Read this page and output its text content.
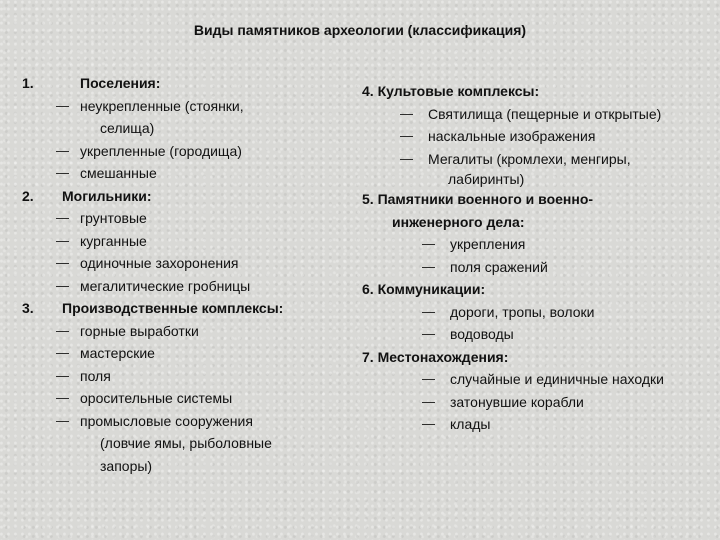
Виды памятников археологии (классификация)
1.	Поселения:
— неукрепленные (стоянки,
селища)
— укрепленные (городища)
— смешанные
2. Могильники:
— грунтовые
— курганные
— одиночные захоронения
— мегалитические гробницы
3. Производственные комплексы:
— горные выработки
— мастерские
— поля
— оросительные системы
— промысловые сооружения
(ловчие ямы, рыболовные
запоры)
4. Культовые комплексы:
— Святилища (пещерные и открытые)
— наскальные изображения
— Мегалиты (кромлехи, менгиры,
лабиринты)
5. Памятники военного и военно-
инженерного дела:
— укрепления
— поля сражений
6. Коммуникации:
— дороги, тропы, волоки
— водоводы
7. Местонахождения:
— случайные и единичные находки
— затонувшие корабли
— клады
